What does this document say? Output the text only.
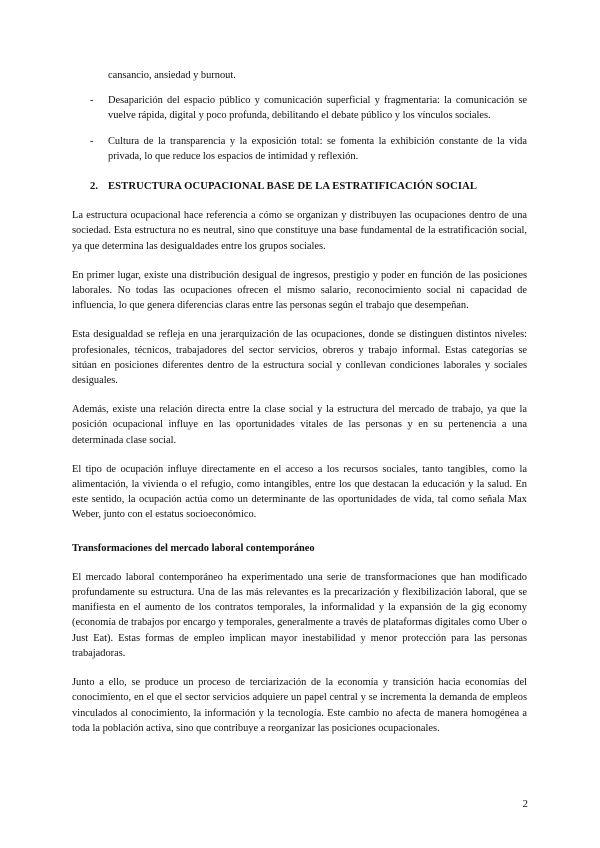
cansancio, ansiedad y burnout.
- Desaparición del espacio público y comunicación superficial y fragmentaria: la comunicación se vuelve rápida, digital y poco profunda, debilitando el debate público y los vínculos sociales.
- Cultura de la transparencia y la exposición total: se fomenta la exhibición constante de la vida privada, lo que reduce los espacios de intimidad y reflexión.
2. ESTRUCTURA OCUPACIONAL BASE DE LA ESTRATIFICACIÓN SOCIAL

La estructura ocupacional hace referencia a cómo se organizan y distribuyen las ocupaciones dentro de una sociedad. Esta estructura no es neutral, sino que constituye una base fundamental de la estratificación social, ya que determina las desigualdades entre los grupos sociales.

En primer lugar, existe una distribución desigual de ingresos, prestigio y poder en función de las posiciones laborales. No todas las ocupaciones ofrecen el mismo salario, reconocimiento social ni capacidad de influencia, lo que genera diferencias claras entre las personas según el trabajo que desempeñan.

Esta desigualdad se refleja en una jerarquización de las ocupaciones, donde se distinguen distintos niveles: profesionales, técnicos, trabajadores del sector servicios, obreros y trabajo informal. Estas categorías se sitúan en posiciones diferentes dentro de la estructura social y conllevan condiciones laborales y sociales desiguales.

Además, existe una relación directa entre la clase social y la estructura del mercado de trabajo, ya que la posición ocupacional influye en las oportunidades vitales de las personas y en su pertenencia a una determinada clase social.

El tipo de ocupación influye directamente en el acceso a los recursos sociales, tanto tangibles, como la alimentación, la vivienda o el refugio, como intangibles, entre los que destacan la educación y la salud. En este sentido, la ocupación actúa como un determinante de las oportunidades de vida, tal como señala Max Weber, junto con el estatus socioeconómico.

Transformaciones del mercado laboral contemporáneo

El mercado laboral contemporáneo ha experimentado una serie de transformaciones que han modificado profundamente su estructura. Una de las más relevantes es la precarización y flexibilización laboral, que se manifiesta en el aumento de los contratos temporales, la informalidad y la expansión de la gig economy (economía de trabajos por encargo y temporales, generalmente a través de plataformas digitales como Uber o Just Eat). Estas formas de empleo implican mayor inestabilidad y menor protección para las personas trabajadoras.

Junto a ello, se produce un proceso de terciarización de la economía y transición hacia economías del conocimiento, en el que el sector servicios adquiere un papel central y se incrementa la demanda de empleos vinculados al conocimiento, la información y la tecnología. Este cambio no afecta de manera homogénea a toda la población activa, sino que contribuye a reorganizar las posiciones ocupacionales.

2
